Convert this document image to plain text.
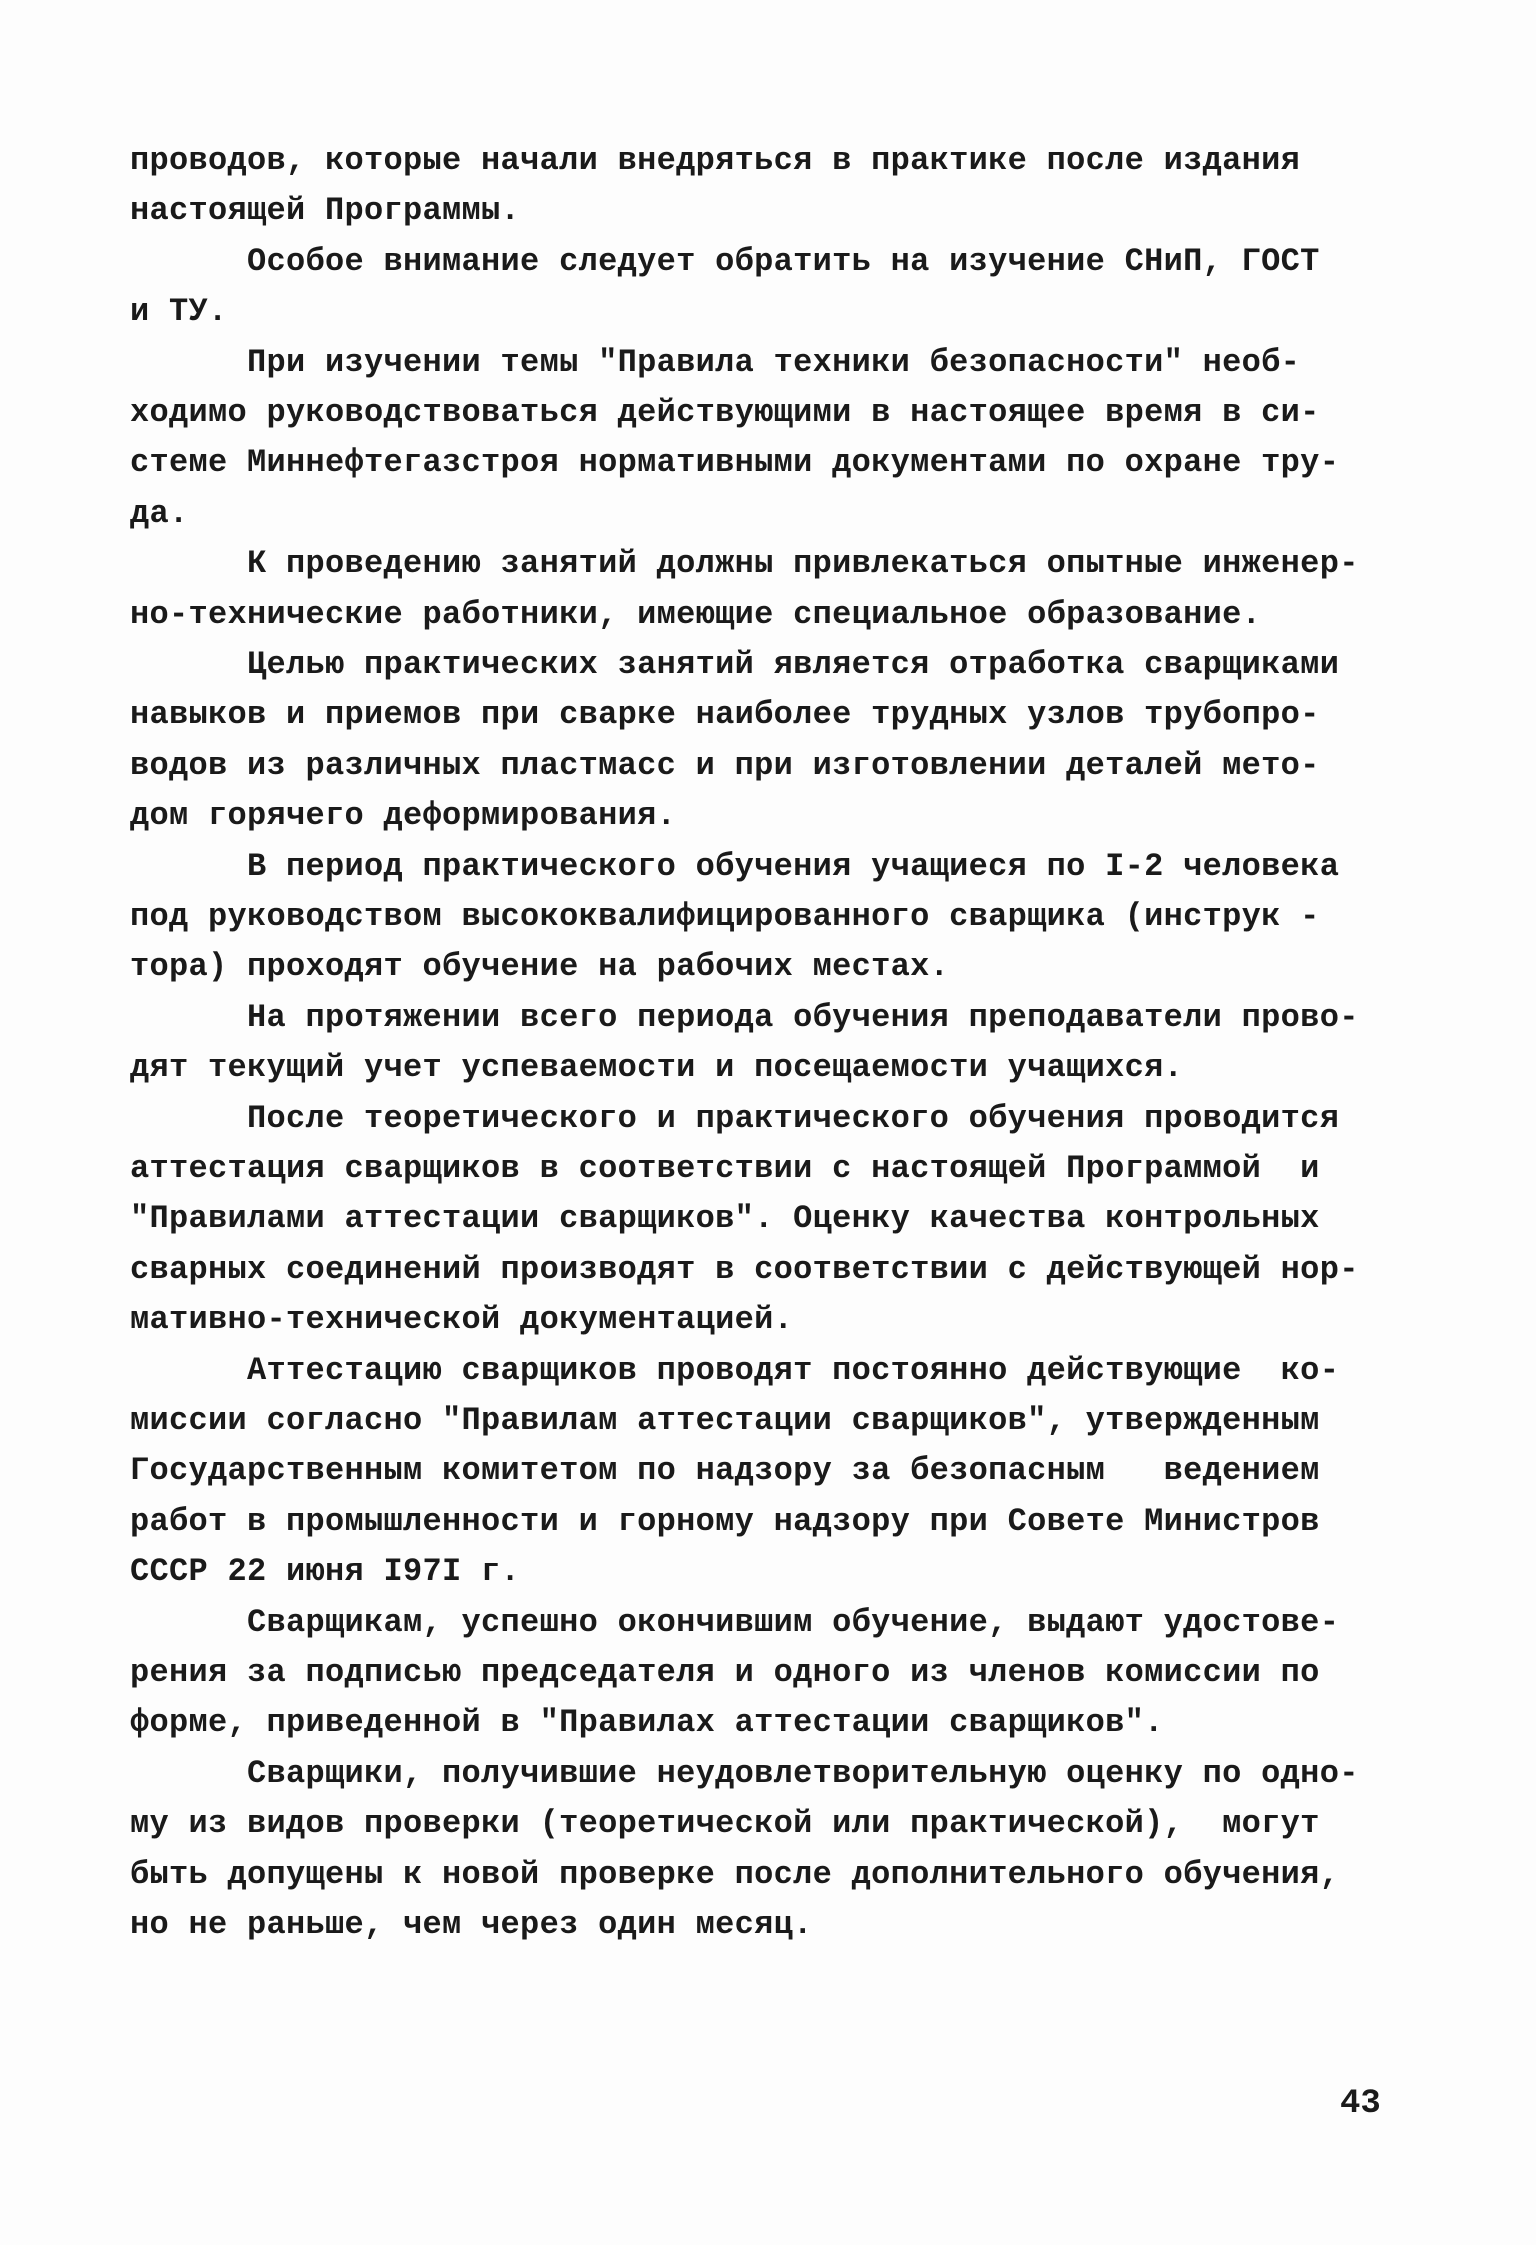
проводов, которые начали внедряться в практике после издания
настоящей Программы.
Особое внимание следует обратить на изучение СНиП, ГОСТ
и ТУ.
При изучении темы "Правила техники безопасности" необ-
ходимо руководствоваться действующими в настоящее время в си-
стеме Миннефтегазстроя нормативными документами по охране тру-
да.
К проведению занятий должны привлекаться опытные инженер-
но-технические работники, имеющие специальное образование.
Целью практических занятий является отработка сварщиками
навыков и приемов при сварке наиболее трудных узлов трубопро-
водов из различных пластмасс и при изготовлении деталей мето-
дом горячего деформирования.
В период практического обучения учащиеся по I-2 человека
под руководством высококвалифицированного сварщика (инструк -
тора) проходят обучение на рабочих местах.
На протяжении всего периода обучения преподаватели прово-
дят текущий учет успеваемости и посещаемости учащихся.
После теоретического и практического обучения проводится
аттестация сварщиков в соответствии с настоящей Программой  и
"Правилами аттестации сварщиков". Оценку качества контрольных
сварных соединений производят в соответствии с действующей нор-
мативно-технической документацией.
Аттестацию сварщиков проводят постоянно действующие  ко-
миссии согласно "Правилам аттестации сварщиков", утвержденным
Государственным комитетом по надзору за безопасным   ведением
работ в промышленности и горному надзору при Совете Министров
СССР 22 июня I97I г.
Сварщикам, успешно окончившим обучение, выдают удостове-
рения за подписью председателя и одного из членов комиссии по
форме, приведенной в "Правилах аттестации сварщиков".
Сварщики, получившие неудовлетворительную оценку по одно-
му из видов проверки (теоретической или практической),  могут
быть допущены к новой проверке после дополнительного обучения,
но не раньше, чем через один месяц.
43
